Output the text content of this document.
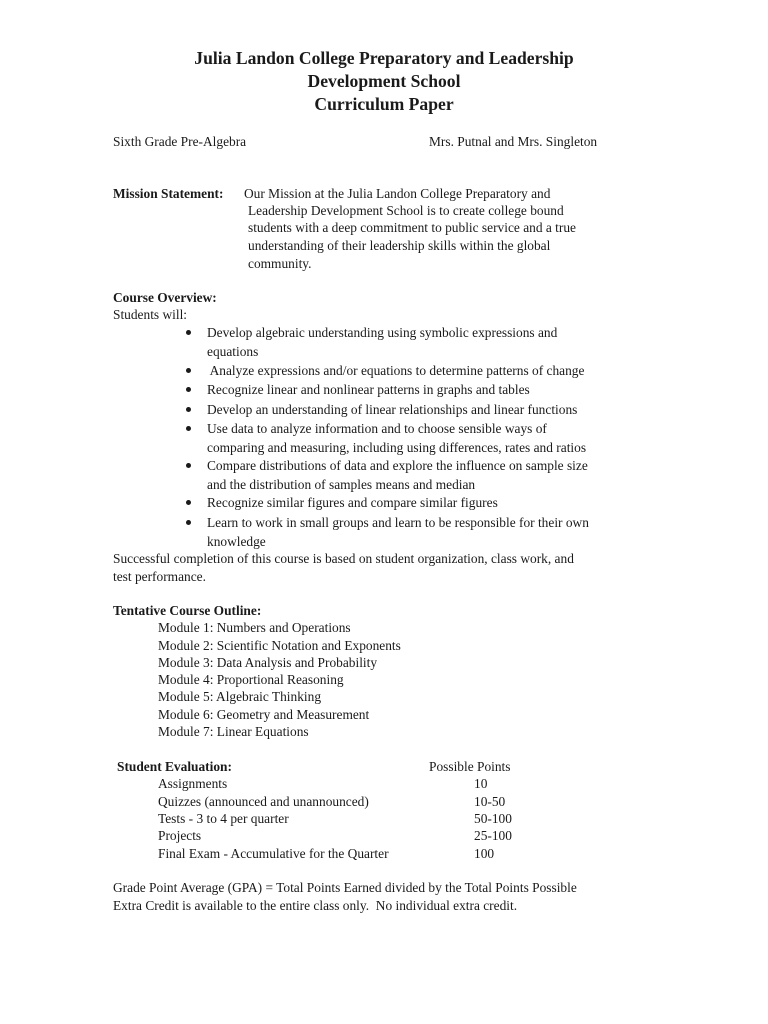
Julia Landon College Preparatory and Leadership
Development School
Curriculum Paper
Sixth Grade Pre-Algebra	Mrs. Putnal and Mrs. Singleton
Mission Statement: Our Mission at the Julia Landon College Preparatory and
Leadership Development School is to create college bound
students with a deep commitment to public service and a true
understanding of their leadership skills within the global
community.
Course Overview:
Students will:
Develop algebraic understanding using symbolic expressions and
equations
Analyze expressions and/or equations to determine patterns of change
Recognize linear and nonlinear patterns in graphs and tables
Develop an understanding of linear relationships and linear functions
Use data to analyze information and to choose sensible ways of
comparing and measuring, including using differences, rates and ratios
Compare distributions of data and explore the influence on sample size
and the distribution of samples means and median
Recognize similar figures and compare similar figures
Learn to work in small groups and learn to be responsible for their own
knowledge
Successful completion of this course is based on student organization, class work, and
test performance.
Tentative Course Outline:
Module 1: Numbers and Operations
Module 2: Scientific Notation and Exponents
Module 3: Data Analysis and Probability
Module 4: Proportional Reasoning
Module 5: Algebraic Thinking
Module 6: Geometry and Measurement
Module 7: Linear Equations
Student Evaluation:	Possible Points
Assignments	10
Quizzes (announced and unannounced)	10-50
Tests - 3 to 4 per quarter	50-100
Projects	25-100
Final Exam - Accumulative for the Quarter	100
Grade Point Average (GPA) = Total Points Earned divided by the Total Points Possible
Extra Credit is available to the entire class only.  No individual extra credit.
